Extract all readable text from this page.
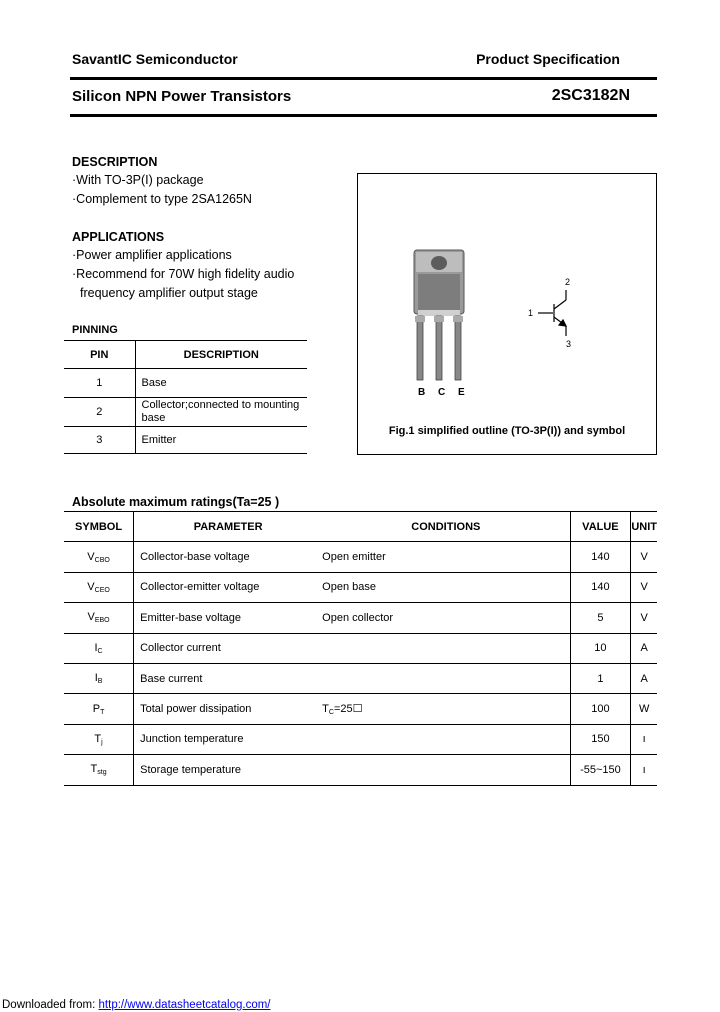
SavantIC Semiconductor	Product Specification
Silicon NPN Power Transistors	2SC3182N
DESCRIPTION
·With TO-3P(I) package
·Complement to type 2SA1265N
APPLICATIONS
·Power amplifier applications
·Recommend for 70W high fidelity audio
frequency amplifier output stage
PINNING
PIN	DESCRIPTION
1	Base
2	Collector;connected to mounting base
3	Emitter
B C E
1
2
3
Fig.1 simplified outline (TO-3P(I)) and symbol
Absolute maximum ratings(Ta=25 )
SYMBOL	PARAMETER	CONDITIONS	VALUE	UNIT
$V_{CBO}$	Collector-base voltage	Open emitter	140	V
$V_{CEO}$	Collector-emitter voltage	Open base	140	V
$V_{EBO}$	Emitter-base voltage	Open collector	5	V
$I_C$	Collector current		10	A
$I_B$	Base current		1	A
$P_T$	Total power dissipation	$T_C=25☐$	100	W
$T_j$	Junction temperature		150	ı
$T_{stg}$	Storage temperature		-55~150	ı
Downloaded from: http://www.datasheetcatalog.com/
